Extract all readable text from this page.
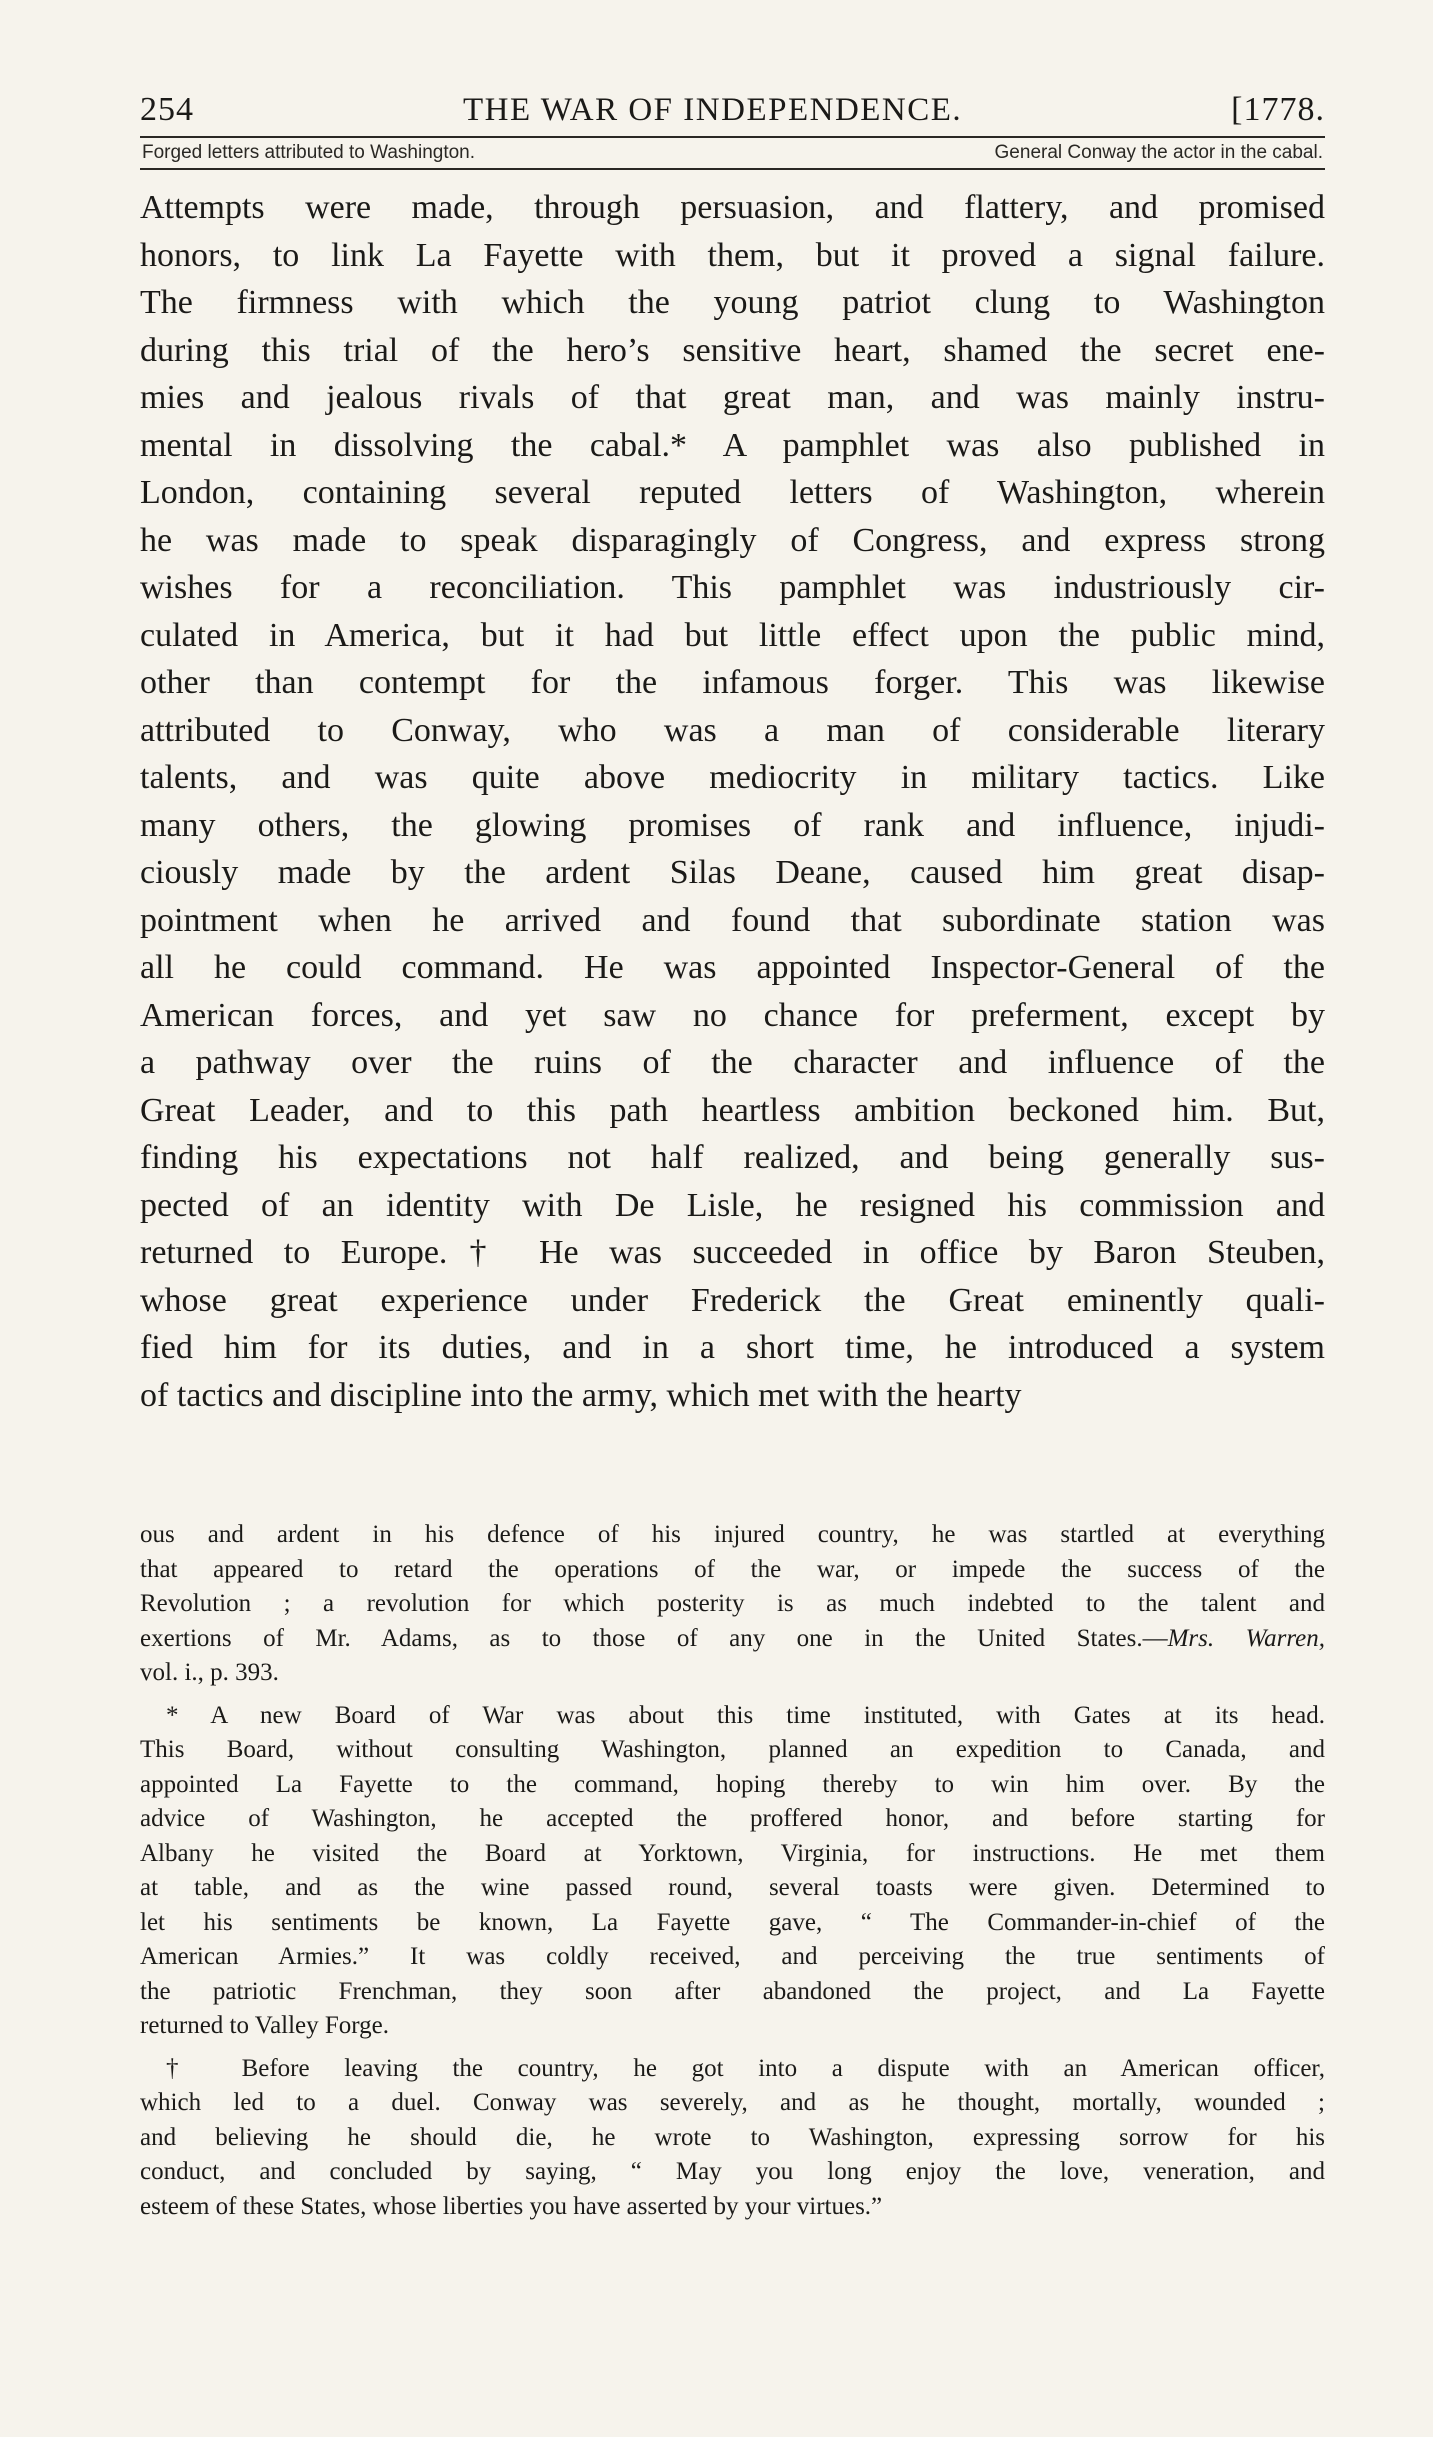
254	THE WAR OF INDEPENDENCE.	[1778.
Forged letters attributed to Washington.	General Conway the actor in the cabal.
Attempts were made, through persuasion, and flattery, and promised
honors, to link La Fayette with them, but it proved a signal failure.
The firmness with which the young patriot clung to Washington
during this trial of the hero’s sensitive heart, shamed the secret ene-
mies and jealous rivals of that great man, and was mainly instru-
mental in dissolving the cabal.* A pamphlet was also published in
London, containing several reputed letters of Washington, wherein
he was made to speak disparagingly of Congress, and express strong
wishes for a reconciliation. This pamphlet was industriously cir-
culated in America, but it had but little effect upon the public mind,
other than contempt for the infamous forger. This was likewise
attributed to Conway, who was a man of considerable literary
talents, and was quite above mediocrity in military tactics. Like
many others, the glowing promises of rank and influence, injudi-
ciously made by the ardent Silas Deane, caused him great disap-
pointment when he arrived and found that subordinate station was
all he could command. He was appointed Inspector-General of the
American forces, and yet saw no chance for preferment, except by
a pathway over the ruins of the character and influence of the
Great Leader, and to this path heartless ambition beckoned him. But,
finding his expectations not half realized, and being generally sus-
pected of an identity with De Lisle, he resigned his commission and
returned to Europe.† He was succeeded in office by Baron Steuben,
whose great experience under Frederick the Great eminently quali-
fied him for its duties, and in a short time, he introduced a system
of tactics and discipline into the army, which met with the hearty
ous and ardent in his defence of his injured country, he was startled at everything
that appeared to retard the operations of the war, or impede the success of the
Revolution ; a revolution for which posterity is as much indebted to the talent and
exertions of Mr. Adams, as to those of any one in the United States.—Mrs. Warren,
vol. i., p. 393.
* A new Board of War was about this time instituted, with Gates at its head.
This Board, without consulting Washington, planned an expedition to Canada, and
appointed La Fayette to the command, hoping thereby to win him over. By the
advice of Washington, he accepted the proffered honor, and before starting for
Albany he visited the Board at Yorktown, Virginia, for instructions. He met them
at table, and as the wine passed round, several toasts were given. Determined to
let his sentiments be known, La Fayette gave, “ The Commander-in-chief of the
American Armies.” It was coldly received, and perceiving the true sentiments of
the patriotic Frenchman, they soon after abandoned the project, and La Fayette
returned to Valley Forge.
† Before leaving the country, he got into a dispute with an American officer,
which led to a duel. Conway was severely, and as he thought, mortally, wounded ;
and believing he should die, he wrote to Washington, expressing sorrow for his
conduct, and concluded by saying, “ May you long enjoy the love, veneration, and
esteem of these States, whose liberties you have asserted by your virtues.”
